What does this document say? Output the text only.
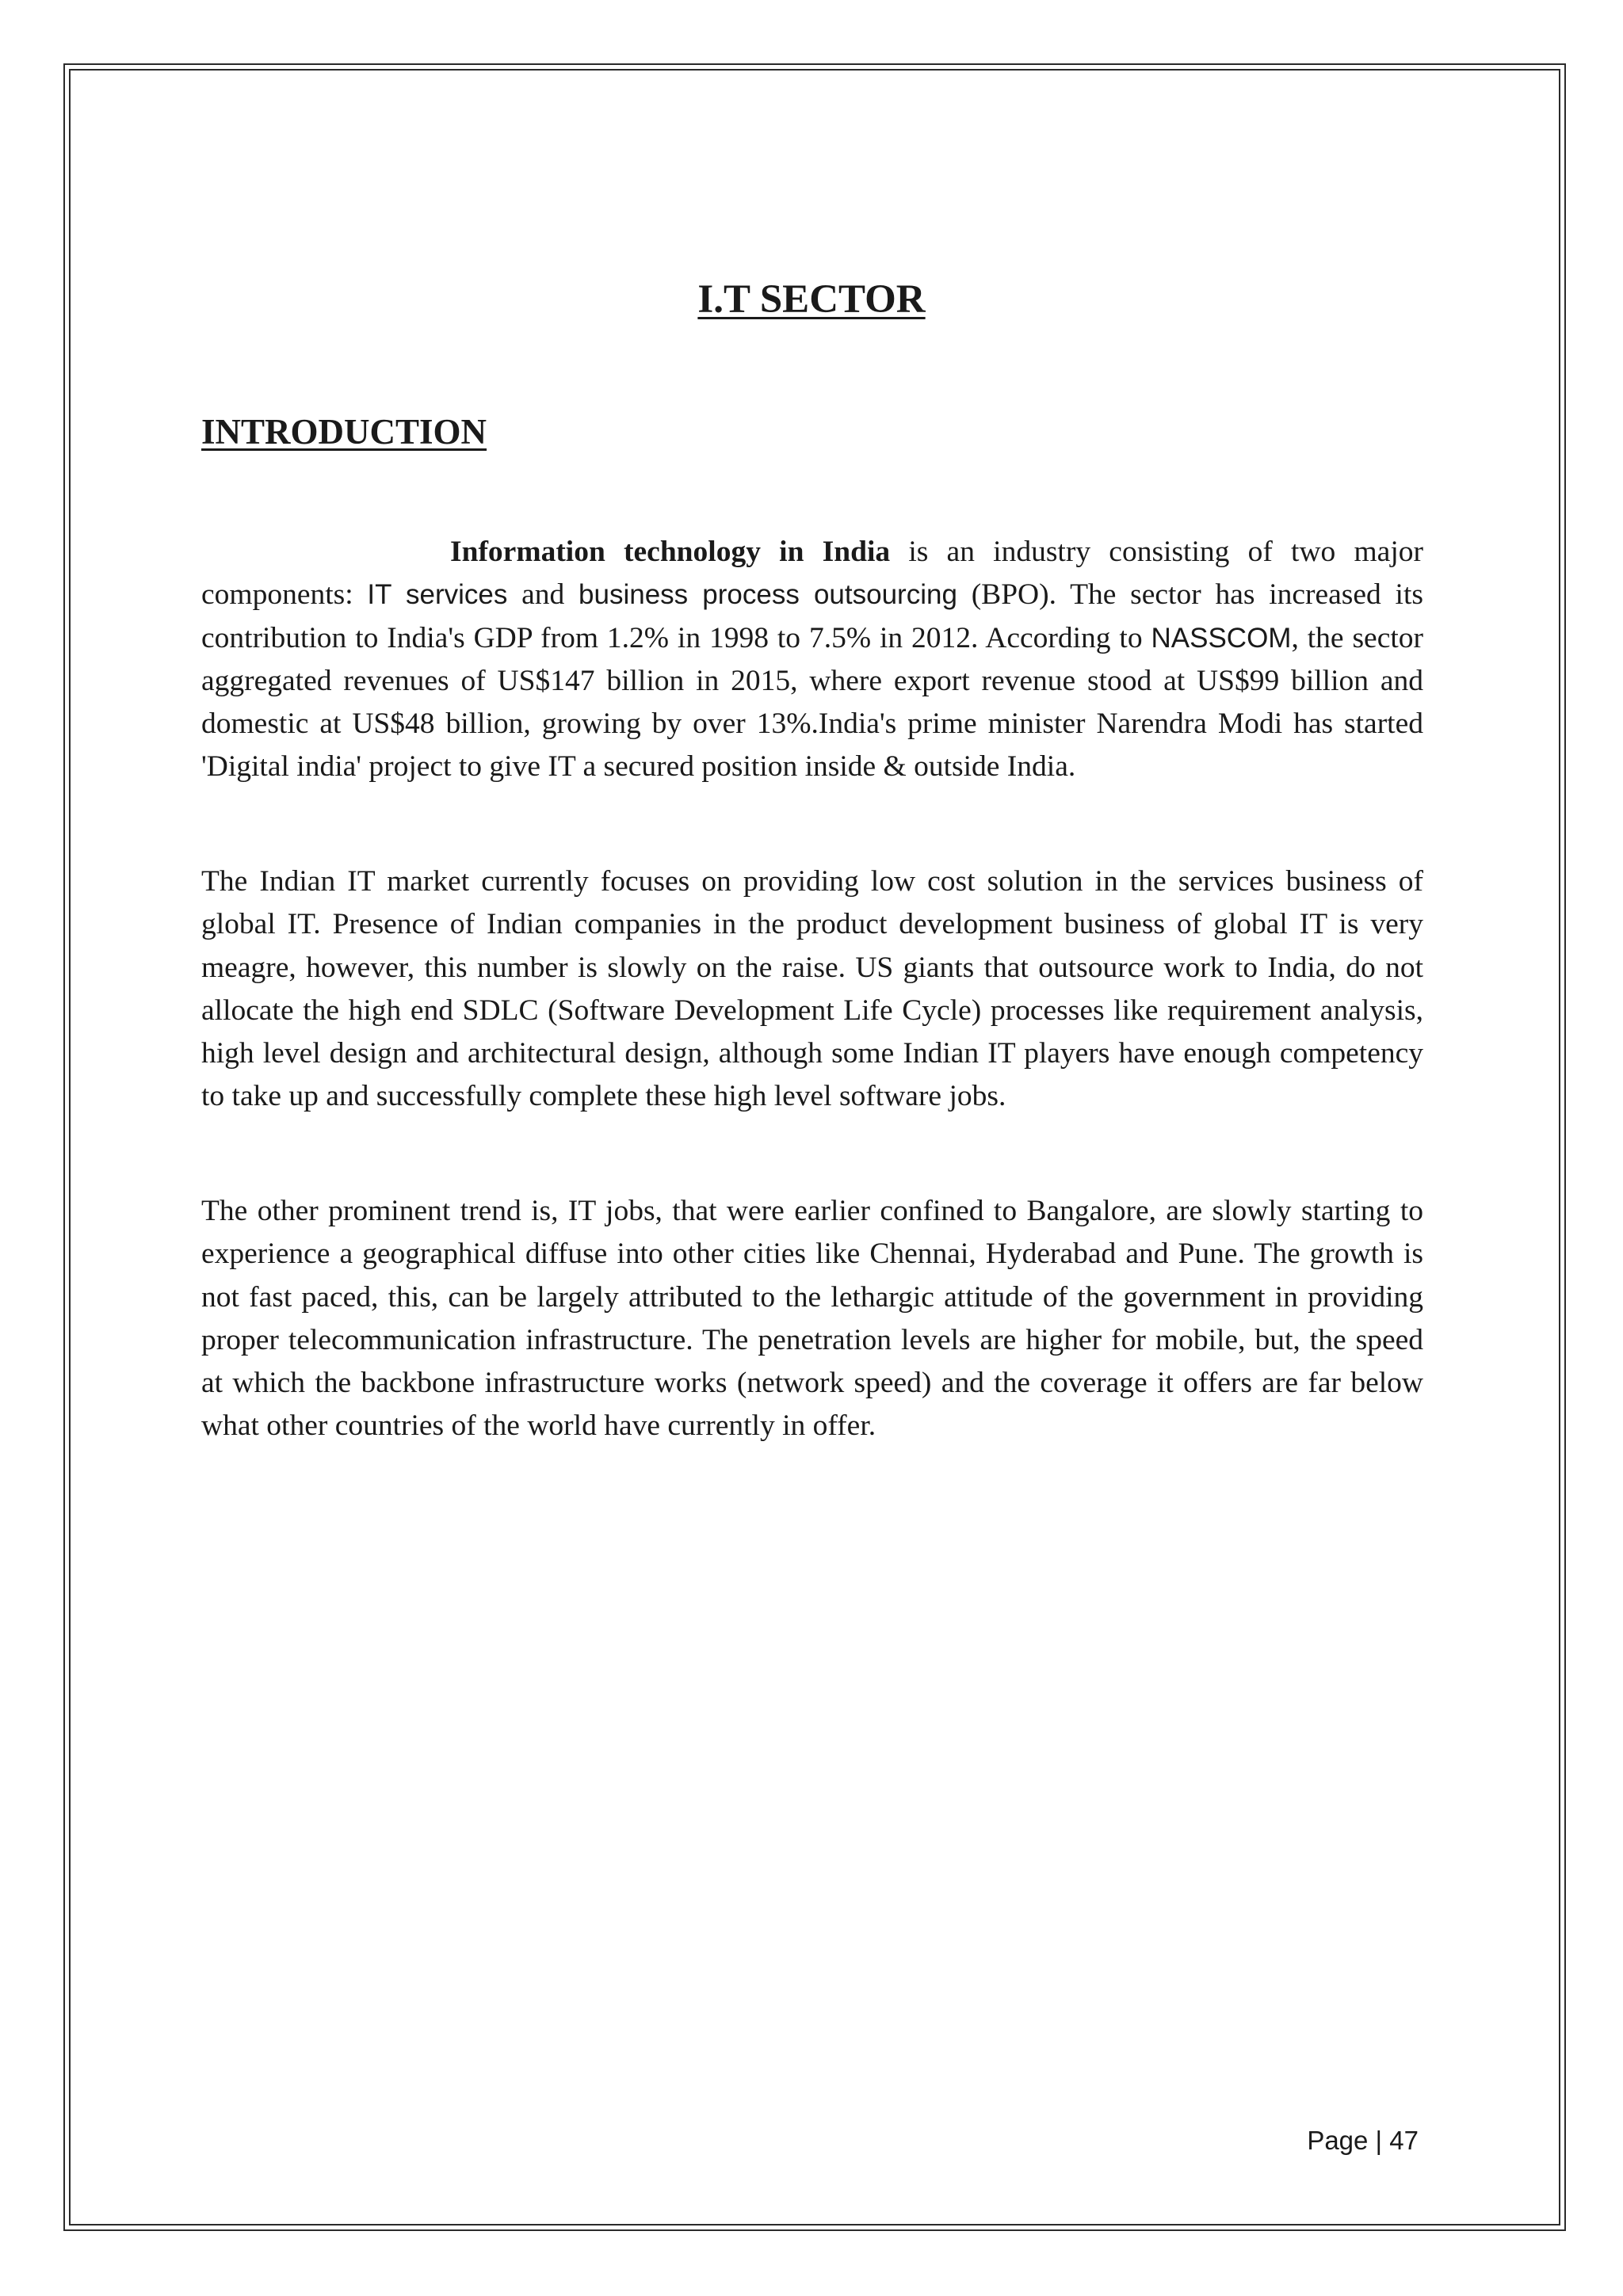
I.T SECTOR
INTRODUCTION

Information technology in India is an industry consisting of two major components: IT services and business process outsourcing (BPO). The sector has increased its contribution to India's GDP from 1.2% in 1998 to 7.5% in 2012. According to NASSCOM, the sector aggregated revenues of US$147 billion in 2015, where export revenue stood at US$99 billion and domestic at US$48 billion, growing by over 13%.India's prime minister Narendra Modi has started 'Digital india' project to give IT a secured position inside & outside India.

The Indian IT market currently focuses on providing low cost solution in the services business of global IT. Presence of Indian companies in the product development business of global IT is very meagre, however, this number is slowly on the raise. US giants that outsource work to India, do not allocate the high end SDLC (Software Development Life Cycle) processes like requirement analysis, high level design and architectural design, although some Indian IT players have enough competency to take up and successfully complete these high level software jobs.

The other prominent trend is, IT jobs, that were earlier confined to Bangalore, are slowly starting to experience a geographical diffuse into other cities like Chennai, Hyderabad and Pune. The growth is not fast paced, this, can be largely attributed to the lethargic attitude of the government in providing proper telecommunication infrastructure. The penetration levels are higher for mobile, but, the speed at which the backbone infrastructure works (network speed) and the coverage it offers are far below what other countries of the world have currently in offer.

Page | 47
